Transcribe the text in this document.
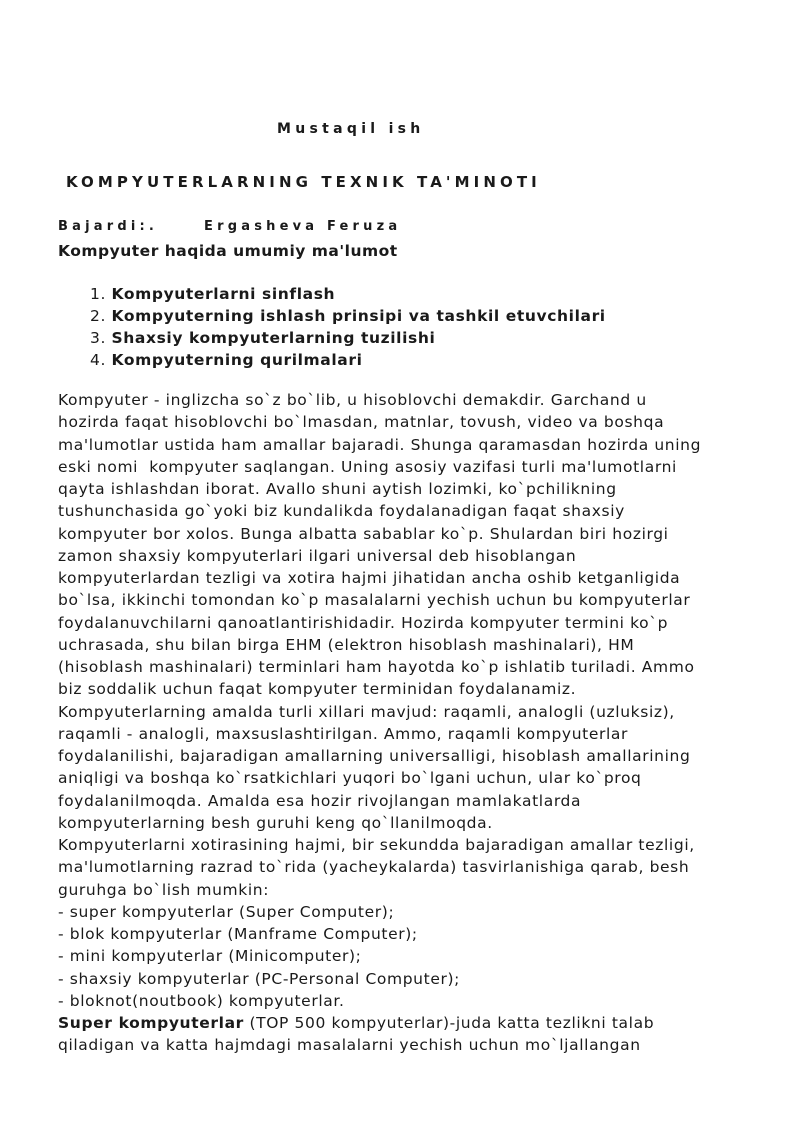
Mustaqil ish

KOMPYUTERLARNING TEXNIK TA'MINOTI

Bajardi:.	Ergasheva Feruza

Kompyuter haqida umumiy ma'lumot

1. Kompyuterlarni sinflash
2. Kompyuterning ishlash prinsipi va tashkil etuvchilari
3. Shaxsiy kompyuterlarning tuzilishi
4. Kompyuterning qurilmalari
Kompyuter - inglizcha so`z bo`lib, u hisoblovchi demakdir. Garchand u
hozirda faqat hisoblovchi bo`lmasdan, matnlar, tovush, video va boshqa
ma'lumotlar ustida ham amallar bajaradi. Shunga qaramasdan hozirda uning
eski nomi  kompyuter saqlangan. Uning asosiy vazifasi turli ma'lumotlarni
qayta ishlashdan iborat. Avallo shuni aytish lozimki, ko`pchilikning
tushunchasida go`yoki biz kundalikda foydalanadigan faqat shaxsiy
kompyuter bor xolos. Bunga albatta sabablar ko`p. Shulardan biri hozirgi
zamon shaxsiy kompyuterlari ilgari universal deb hisoblangan
kompyuterlardan tezligi va xotira hajmi jihatidan ancha oshib ketganligida
bo`lsa, ikkinchi tomondan ko`p masalalarni yechish uchun bu kompyuterlar
foydalanuvchilarni qanoatlantirishidadir. Hozirda kompyuter termini ko`p
uchrasada, shu bilan birga EHM (elektron hisoblash mashinalari), HM
(hisoblash mashinalari) terminlari ham hayotda ko`p ishlatib turiladi. Ammo
biz soddalik uchun faqat kompyuter terminidan foydalanamiz.
Kompyuterlarning amalda turli xillari mavjud: raqamli, analogli (uzluksiz),
raqamli - analogli, maxsuslashtirilgan. Ammo, raqamli kompyuterlar
foydalanilishi, bajaradigan amallarning universalligi, hisoblash amallarining
aniqligi va boshqa ko`rsatkichlari yuqori bo`lgani uchun, ular ko`proq
foydalanilmoqda. Amalda esa hozir rivojlangan mamlakatlarda
kompyuterlarning besh guruhi keng qo`llanilmoqda.
Kompyuterlarni xotirasining hajmi, bir sekundda bajaradigan amallar tezligi,
ma'lumotlarning razrad to`rida (yacheykalarda) tasvirlanishiga qarab, besh
guruhga bo`lish mumkin:
- super kompyuterlar (Super Computer);
- blok kompyuterlar (Manframe Computer);
- mini kompyuterlar (Minicomputer);
- shaxsiy kompyuterlar (PC-Personal Computer);
- bloknot(noutbook) kompyuterlar.
Super kompyuterlar (TOP 500 kompyuterlar)-juda katta tezlikni talab
qiladigan va katta hajmdagi masalalarni yechish uchun mo`ljallangan
